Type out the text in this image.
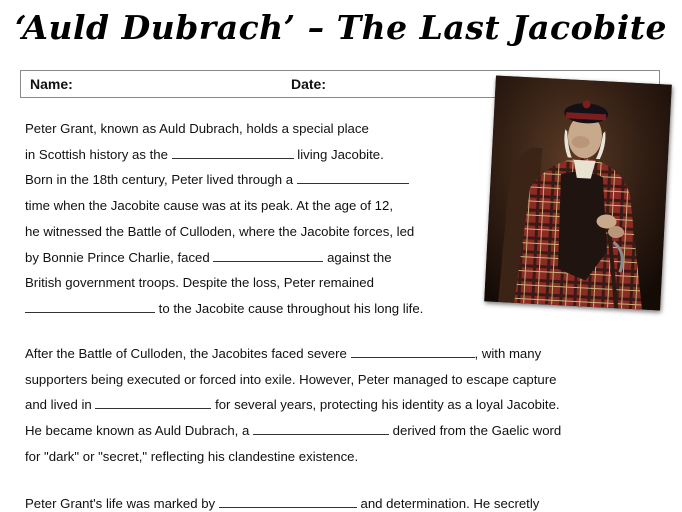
‘Auld Dubrach’ – The Last Jacobite
Name:	Date:
Peter Grant, known as Auld Dubrach, holds a special place
in Scottish history as the	living Jacobite.
Born in the 18th century, Peter lived through a
time when the Jacobite cause was at its peak. At the age of 12,
he witnessed the Battle of Culloden, where the Jacobite forces, led
by Bonnie Prince Charlie, faced	against the
British government troops. Despite the loss, Peter remained
to the Jacobite cause throughout his long life.
After the Battle of Culloden, the Jacobites faced severe	, with many
supporters being executed or forced into exile. However, Peter managed to escape capture
and lived in	for several years, protecting his identity as a loyal Jacobite.
He became known as Auld Dubrach, a	derived from the Gaelic word
for "dark" or "secret," reflecting his clandestine existence.
Peter Grant's life was marked by	and determination. He secretly
